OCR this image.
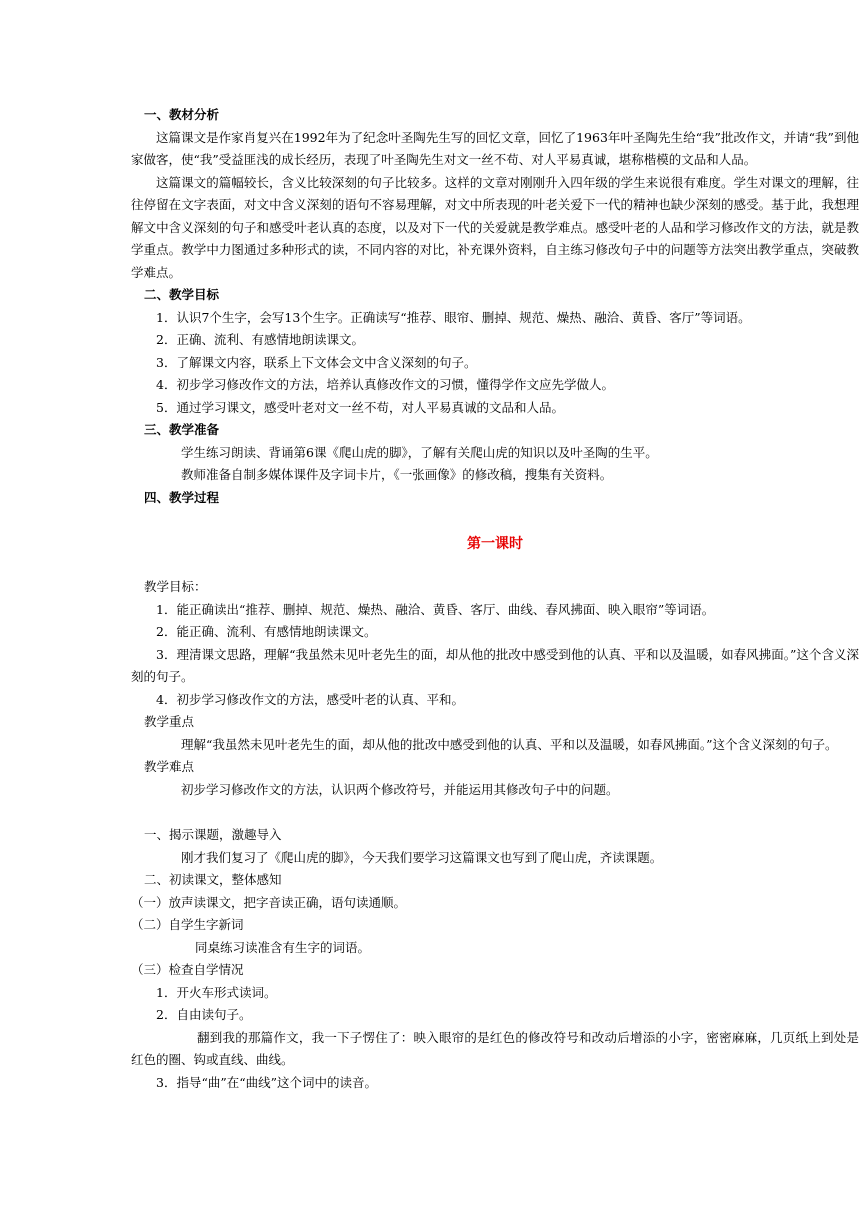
一、教材分析

这篇课文是作家肖复兴在1992年为了纪念叶圣陶先生写的回忆文章，回忆了1963年叶圣陶先生给“我”批改作文，并请“我”到他家做客，使“我”受益匪浅的成长经历，表现了叶圣陶先生对文一丝不苟、对人平易真诚，堪称楷模的文品和人品。

这篇课文的篇幅较长，含义比较深刻的句子比较多。这样的文章对刚刚升入四年级的学生来说很有难度。学生对课文的理解，往往停留在文字表面，对文中含义深刻的语句不容易理解，对文中所表现的叶老关爱下一代的精神也缺少深刻的感受。基于此，我想理解文中含义深刻的句子和感受叶老认真的态度，以及对下一代的关爱就是教学难点。感受叶老的人品和学习修改作文的方法，就是教学重点。教学中力图通过多种形式的读，不同内容的对比，补充课外资料，自主练习修改句子中的问题等方法突出教学重点，突破教学难点。

二、教学目标

1．认识7个生字，会写13个生字。正确读写“推荐、眼帘、删掉、规范、燥热、融洽、黄昏、客厅”等词语。

2．正确、流利、有感情地朗读课文。

3．了解课文内容，联系上下文体会文中含义深刻的句子。

4．初步学习修改作文的方法，培养认真修改作文的习惯，懂得学作文应先学做人。

5．通过学习课文，感受叶老对文一丝不苟，对人平易真诚的文品和人品。

三、教学准备

学生练习朗读、背诵第6课《爬山虎的脚》，了解有关爬山虎的知识以及叶圣陶的生平。

教师准备自制多媒体课件及字词卡片，《一张画像》的修改稿，搜集有关资料。

四、教学过程

第一课时

教学目标：

1．能正确读出“推荐、删掉、规范、燥热、融洽、黄昏、客厅、曲线、春风拂面、映入眼帘”等词语。

2．能正确、流利、有感情地朗读课文。

3．理清课文思路，理解“我虽然未见叶老先生的面，却从他的批改中感受到他的认真、平和以及温暖，如春风拂面。”这个含义深刻的句子。

4．初步学习修改作文的方法，感受叶老的认真、平和。

教学重点

理解“我虽然未见叶老先生的面，却从他的批改中感受到他的认真、平和以及温暖，如春风拂面。”这个含义深刻的句子。

教学难点

初步学习修改作文的方法，认识两个修改符号，并能运用其修改句子中的问题。

一、揭示课题，激趣导入

刚才我们复习了《爬山虎的脚》，今天我们要学习这篇课文也写到了爬山虎，齐读课题。

二、初读课文，整体感知

（一）放声读课文，把字音读正确，语句读通顺。

（二）自学生字新词

同桌练习读准含有生字的词语。

（三）检查自学情况

1．开火车形式读词。

2．自由读句子。

翻到我的那篇作文，我一下子愣住了：映入眼帘的是红色的修改符号和改动后增添的小字，密密麻麻，几页纸上到处是红色的圈、钩或直线、曲线。

3．指导“曲”在“曲线”这个词中的读音。
